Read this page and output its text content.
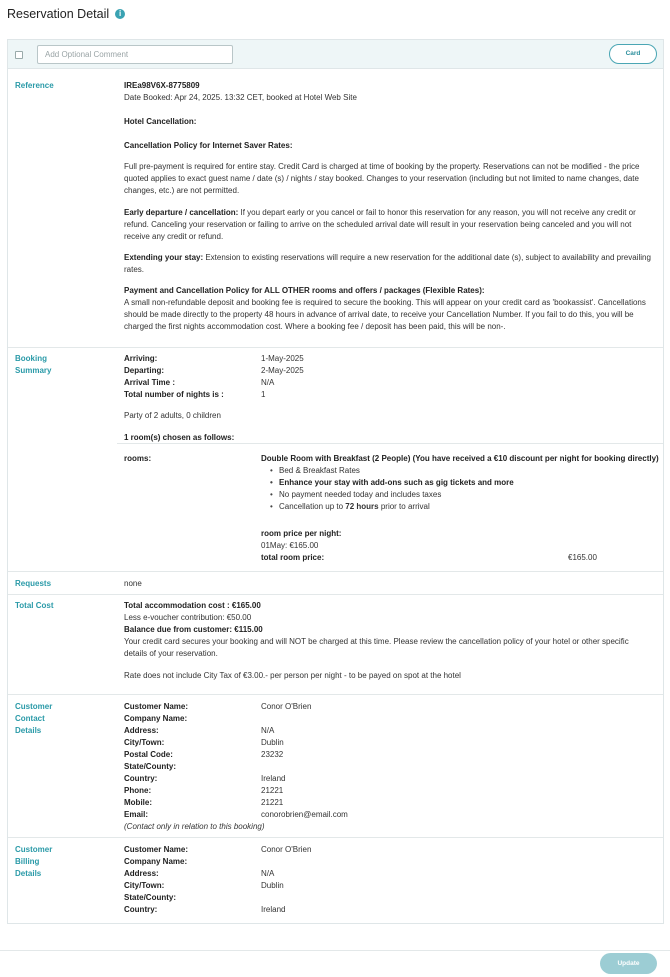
Reservation Detail	i
Add Optional Comment
Card
Reference	IREa98V6X-8775809
Date Booked: Apr 24, 2025. 13:32 CET, booked at Hotel Web Site
Hotel Cancellation:
Cancellation Policy for Internet Saver Rates:
Full pre-payment is required for entire stay. Credit Card is charged at time of booking by the property. Reservations can not be modified - the price quoted applies to exact guest name / date (s) / nights / stay booked. Changes to your reservation (including but not limited to name changes, date changes, etc.) are not permitted.
Early departure / cancellation: If you depart early or you cancel or fail to honor this reservation for any reason, you will not receive any credit or refund. Canceling your reservation or failing to arrive on the scheduled arrival date will result in your reservation being canceled and you will not receive any credit or refund.
Extending your stay: Extension to existing reservations will require a new reservation for the additional date (s), subject to availability and prevailing rates.
Payment and Cancellation Policy for ALL OTHER rooms and offers / packages (Flexible Rates):
A small non-refundable deposit and booking fee is required to secure the booking. This will appear on your credit card as 'bookassist'. Cancellations should be made directly to the property 48 hours in advance of arrival date, to receive your Cancellation Number. If you fail to do this, you will be charged the first nights accommodation cost. Where a booking fee / deposit has been paid, this will be non-.
Booking
Summary
Arriving:	1-May-2025
Departing:	2-May-2025
Arrival Time :	N/A
Total number of nights is :	1
Party of 2 adults, 0 children
1 room(s) chosen as follows:
rooms:	Double Room with Breakfast (2 People) (You have received a €10 discount per night for booking directly)
• Bed & Breakfast Rates
• Enhance your stay with add-ons such as gig tickets and more
• No payment needed today and includes taxes
• Cancellation up to 72 hours prior to arrival
room price per night:
01May: €165.00
total room price:	€165.00
Requests	none
Total Cost	Total accommodation cost : €165.00
Less e-voucher contribution: €50.00
Balance due from customer: €115.00
Your credit card secures your booking and will NOT be charged at this time. Please review the cancellation policy of your hotel or other specific details of your reservation.
Rate does not include City Tax of €3.00.- per person per night - to be payed on spot at the hotel
Customer
Contact
Details
Customer Name:	Conor O'Brien
Company Name:
Address:	N/A
City/Town:	Dublin
Postal Code:	23232
State/County:
Country:	Ireland
Phone:	21221
Mobile:	21221
Email:	conorobrien@email.com
(Contact only in relation to this booking)
Customer
Billing
Details
Customer Name:	Conor O'Brien
Company Name:
Address:	N/A
City/Town:	Dublin
State/County:
Country:	Ireland
Update
